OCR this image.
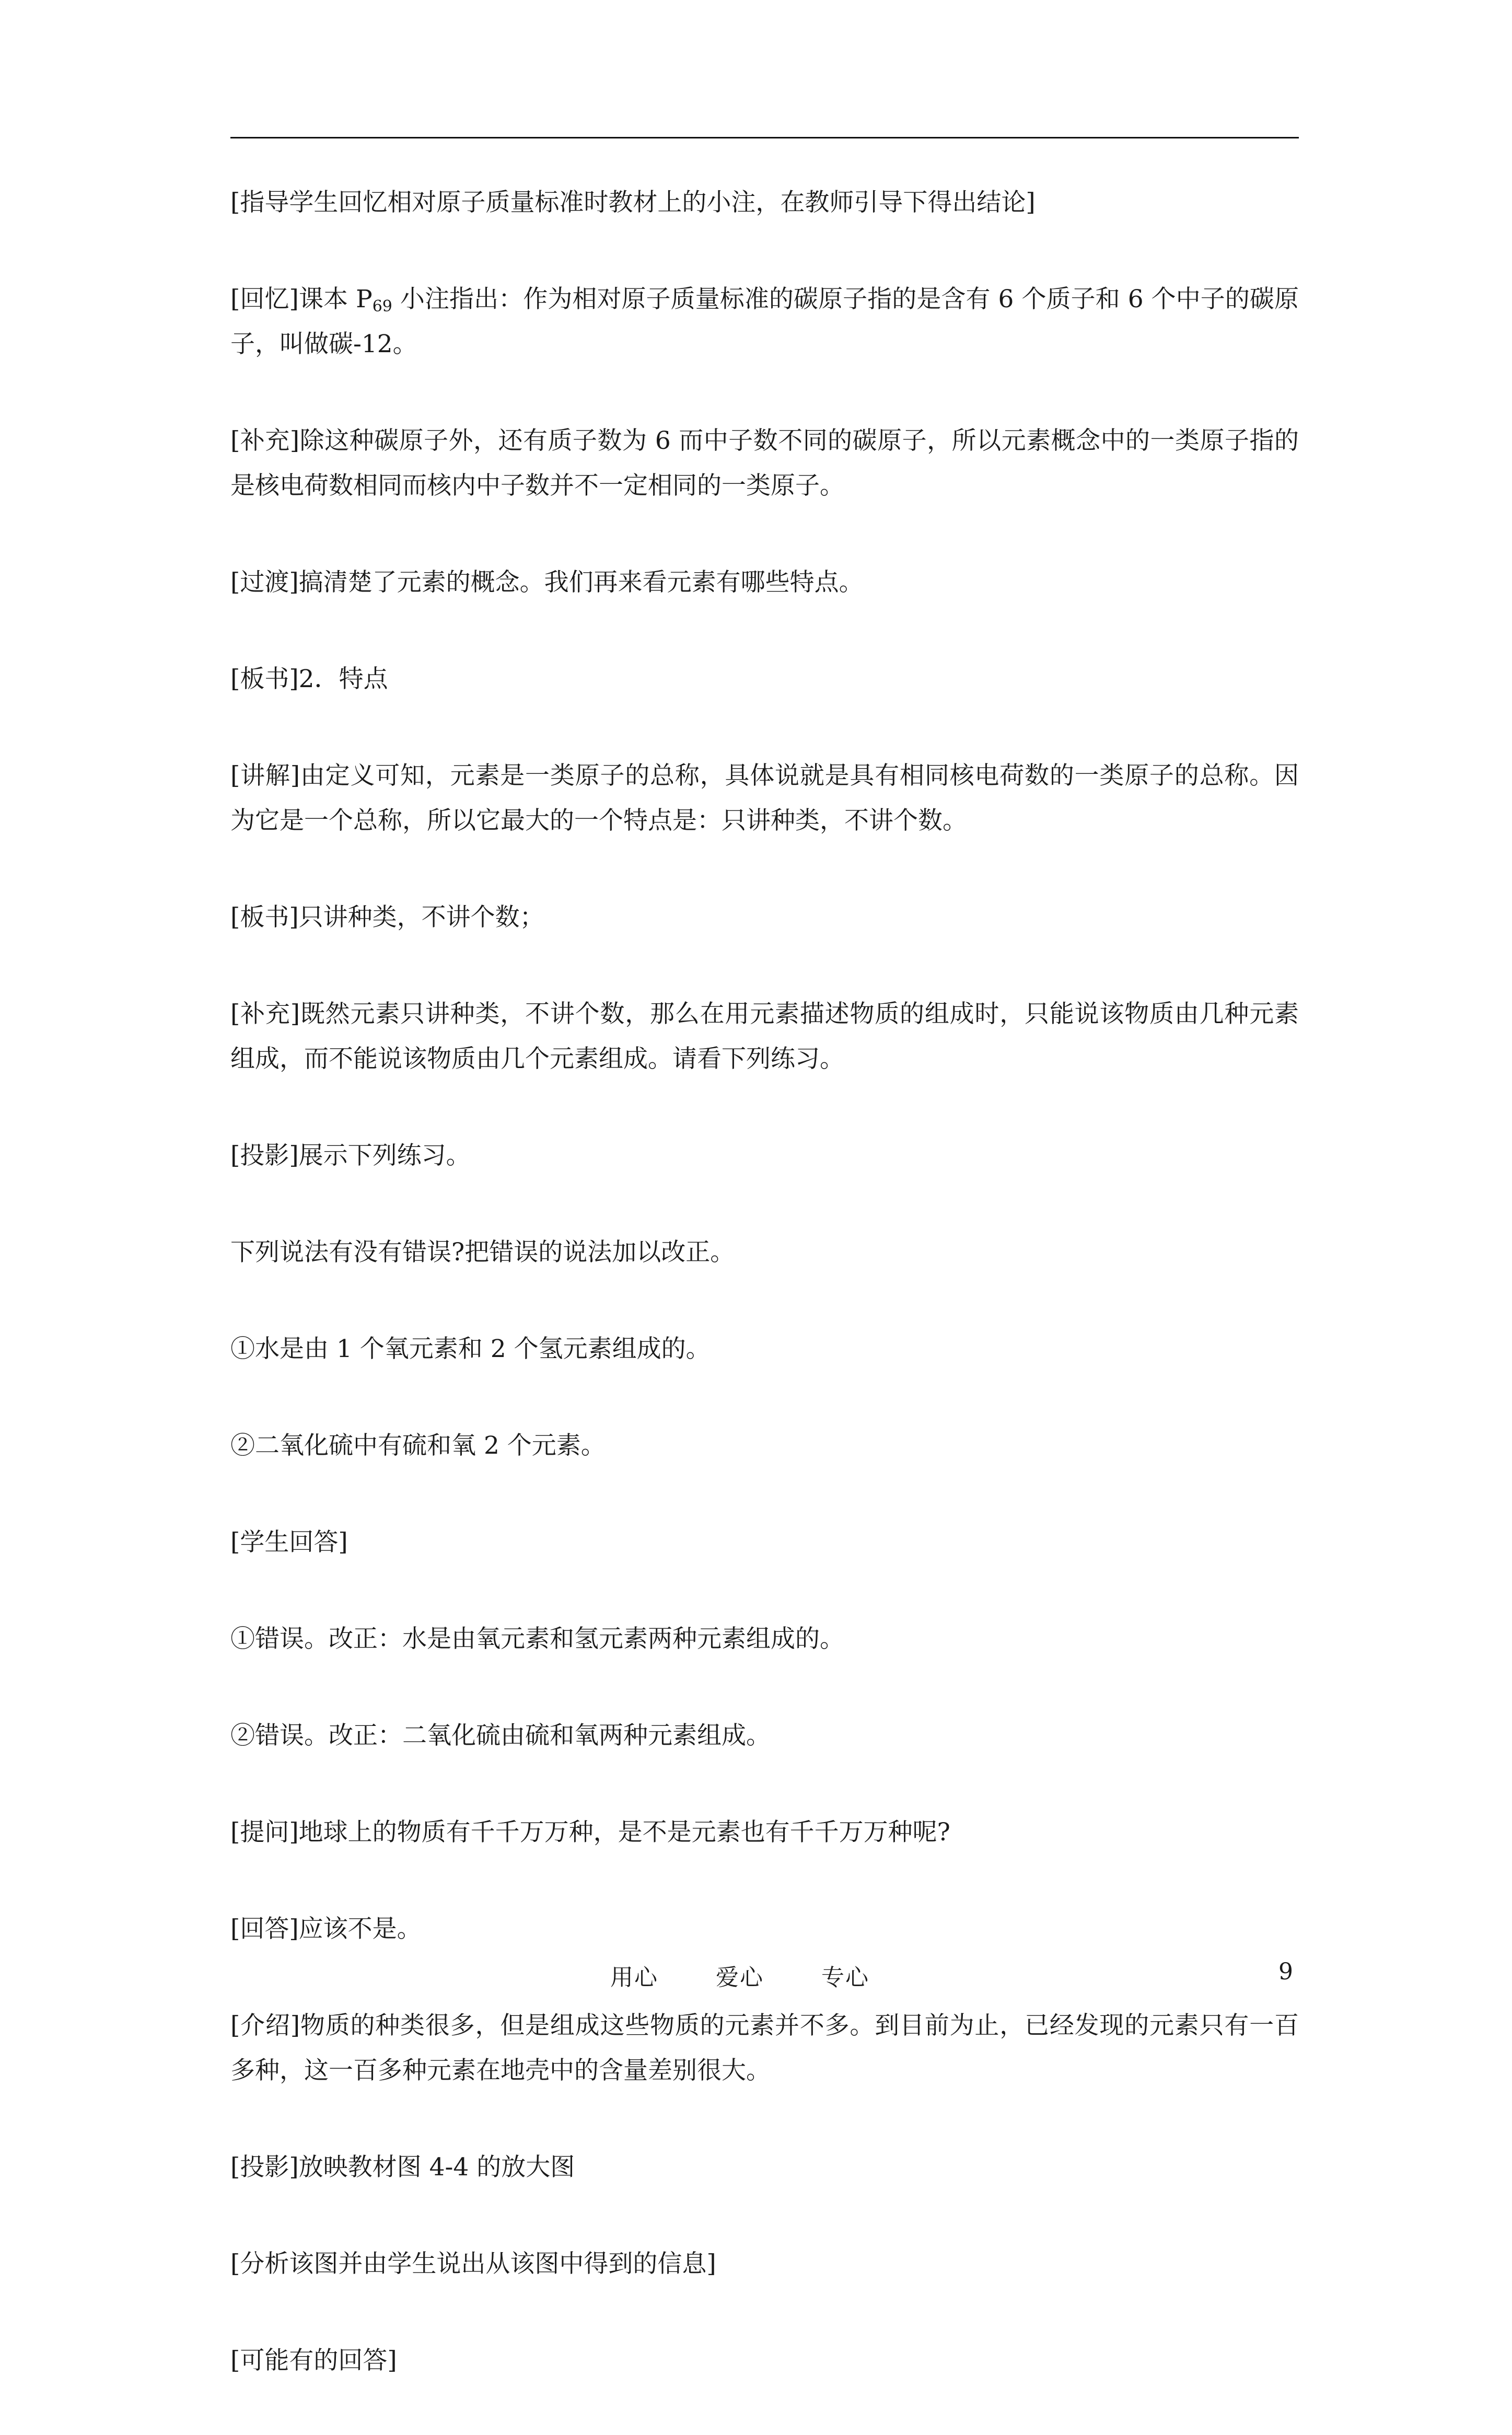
[指导学生回忆相对原子质量标准时教材上的小注，在教师引导下得出结论]

[回忆]课本 $P_{69}$ 小注指出：作为相对原子质量标准的碳原子指的是含有 6 个质子和 6 个中子的碳原子，叫做碳-12。

[补充]除这种碳原子外，还有质子数为 6 而中子数不同的碳原子，所以元素概念中的一类原子指的是核电荷数相同而核内中子数并不一定相同的一类原子。

[过渡]搞清楚了元素的概念。我们再来看元素有哪些特点。

[板书]2．特点

[讲解]由定义可知，元素是一类原子的总称，具体说就是具有相同核电荷数的一类原子的总称。因为它是一个总称，所以它最大的一个特点是：只讲种类，不讲个数。

[板书]只讲种类，不讲个数；

[补充]既然元素只讲种类，不讲个数，那么在用元素描述物质的组成时，只能说该物质由几种元素组成，而不能说该物质由几个元素组成。请看下列练习。

[投影]展示下列练习。

下列说法有没有错误?把错误的说法加以改正。

①水是由 1 个氧元素和 2 个氢元素组成的。

②二氧化硫中有硫和氧 2 个元素。

[学生回答]

①错误。改正：水是由氧元素和氢元素两种元素组成的。

②错误。改正：二氧化硫由硫和氧两种元素组成。

[提问]地球上的物质有千千万万种，是不是元素也有千千万万种呢?

[回答]应该不是。

[介绍]物质的种类很多，但是组成这些物质的元素并不多。到目前为止，已经发现的元素只有一百多种，这一百多种元素在地壳中的含量差别很大。

[投影]放映教材图 4-4 的放大图

[分析该图并由学生说出从该图中得到的信息]

[可能有的回答]

用心	爱心	专心	9
